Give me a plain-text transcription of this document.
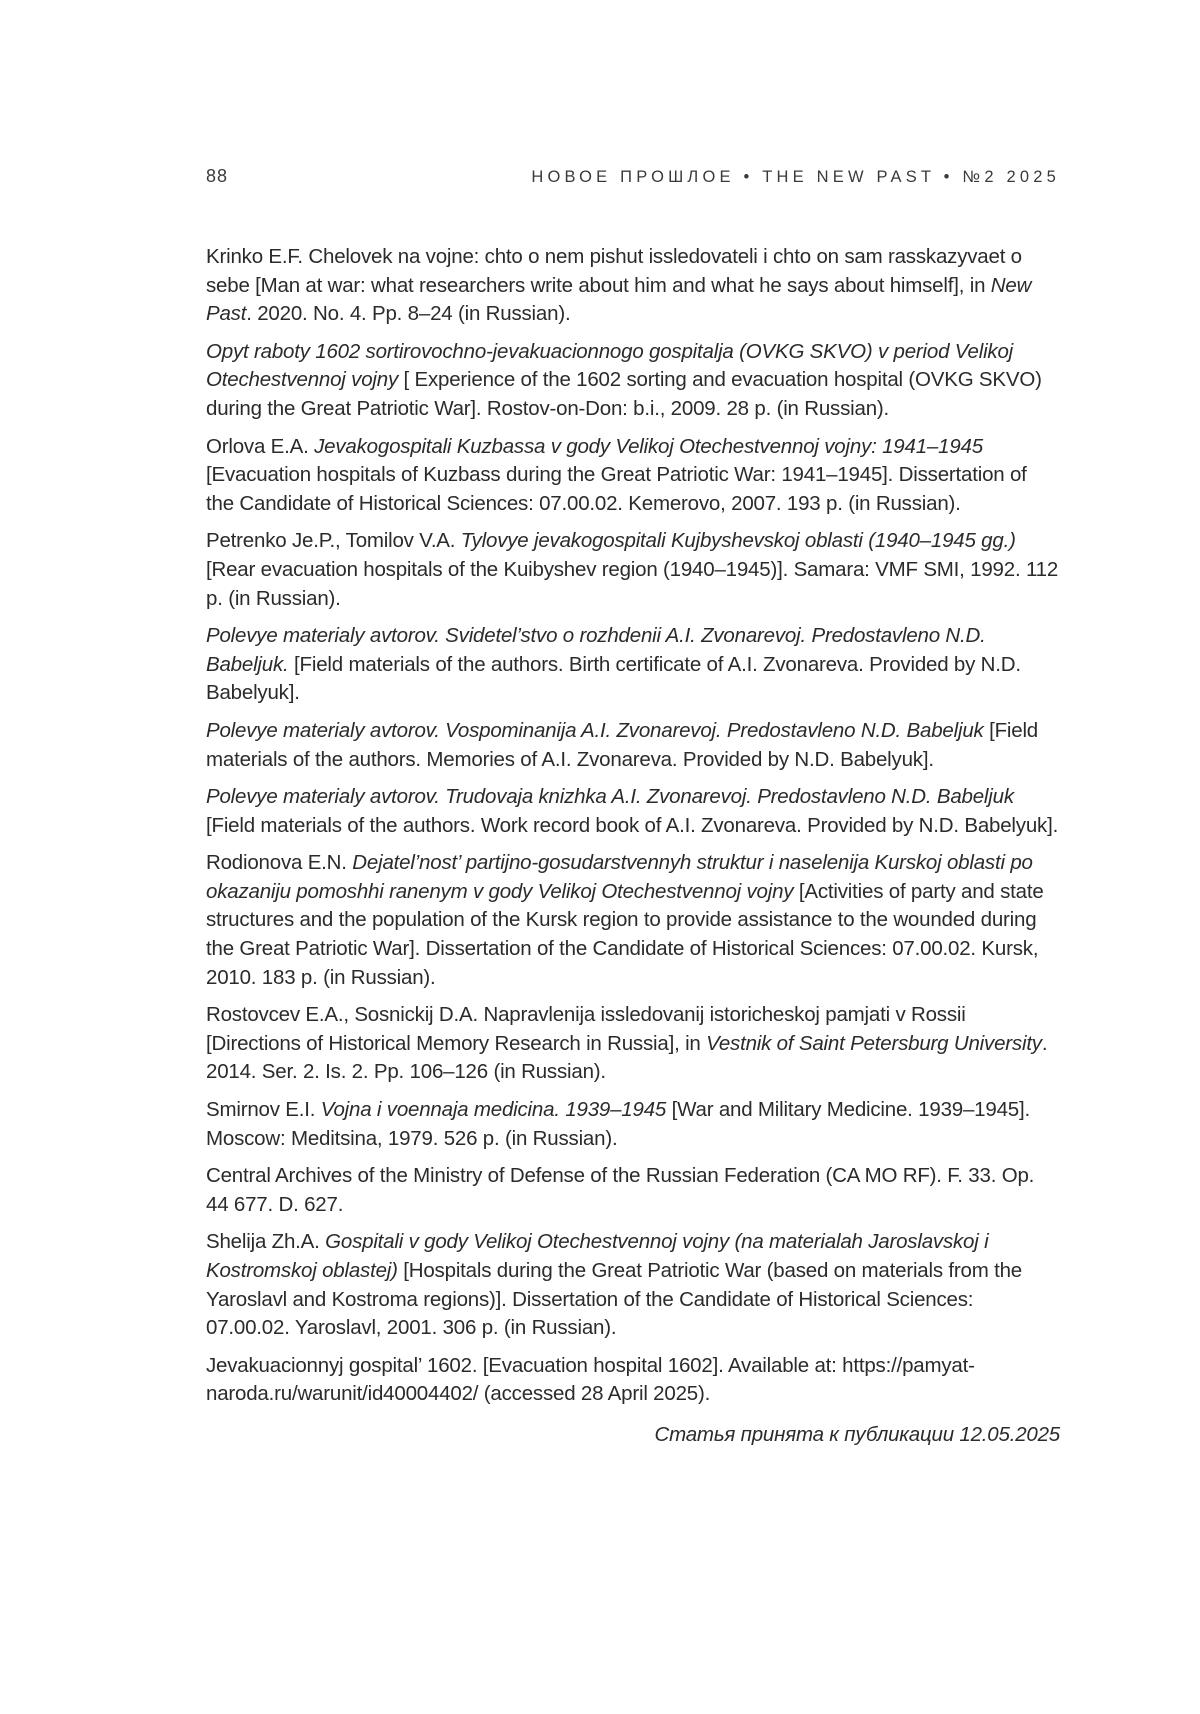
88	НОВОЕ ПРОШЛОЕ • THE NEW PAST • №2 2025

Krinko E.F. Chelovek na vojne: chto o nem pishut issledovateli i chto on sam rasskazyvaet o sebe [Man at war: what researchers write about him and what he says about himself], in New Past. 2020. No. 4. Pp. 8–24 (in Russian).

Opyt raboty 1602 sortirovochno-jevakuacionnogo gospitalja (OVKG SKVO) v period Velikoj Otechestvennoj vojny [ Experience of the 1602 sorting and evacuation hospital (OVKG SKVO) during the Great Patriotic War]. Rostov-on-Don: b.i., 2009. 28 p. (in Russian).

Orlova E.A. Jevakogospitali Kuzbassa v gody Velikoj Otechestvennoj vojny: 1941–1945 [Evacuation hospitals of Kuzbass during the Great Patriotic War: 1941–1945]. Dissertation of the Candidate of Historical Sciences: 07.00.02. Kemerovo, 2007. 193 p. (in Russian).

Petrenko Je.P., Tomilov V.A. Tylovye jevakogospitali Kujbyshevskoj oblasti (1940–1945 gg.) [Rear evacuation hospitals of the Kuibyshev region (1940–1945)]. Samara: VMF SMI, 1992. 112 p. (in Russian).

Polevye materialy avtorov. Svidetel’stvo o rozhdenii A.I. Zvonarevoj. Predostavleno N.D. Babeljuk. [Field materials of the authors. Birth certificate of A.I. Zvonareva. Provided by N.D. Babelyuk].

Polevye materialy avtorov. Vospominanija A.I. Zvonarevoj. Predostavleno N.D. Babeljuk [Field materials of the authors. Memories of A.I. Zvonareva. Provided by N.D. Babelyuk].

Polevye materialy avtorov. Trudovaja knizhka A.I. Zvonarevoj. Predostavleno N.D. Babeljuk [Field materials of the authors. Work record book of A.I. Zvonareva. Provided by N.D. Babelyuk].

Rodionova E.N. Dejatel’nost’ partijno-gosudarstvennyh struktur i naselenija Kurskoj oblasti po okazaniju pomoshhi ranenym v gody Velikoj Otechestvennoj vojny [Activities of party and state structures and the population of the Kursk region to provide assistance to the wounded during the Great Patriotic War]. Dissertation of the Candidate of Historical Sciences: 07.00.02. Kursk, 2010. 183 p. (in Russian).

Rostovcev E.A., Sosnickij D.A. Napravlenija issledovanij istoricheskoj pamjati v Rossii [Directions of Historical Memory Research in Russia], in Vestnik of Saint Petersburg University. 2014. Ser. 2. Is. 2. Pp. 106–126 (in Russian).

Smirnov E.I. Vojna i voennaja medicina. 1939–1945 [War and Military Medicine. 1939–1945]. Moscow: Meditsina, 1979. 526 p. (in Russian).

Central Archives of the Ministry of Defense of the Russian Federation (CA MO RF). F. 33. Op. 44 677. D. 627.

Shelija Zh.A. Gospitali v gody Velikoj Otechestvennoj vojny (na materialah Jaroslavskoj i Kostromskoj oblastej) [Hospitals during the Great Patriotic War (based on materials from the Yaroslavl and Kostroma regions)]. Dissertation of the Candidate of Historical Sciences: 07.00.02. Yaroslavl, 2001. 306 p. (in Russian).

Jevakuacionnyj gospital’ 1602. [Evacuation hospital 1602]. Available at: https://pamyat-naroda.ru/warunit/id40004402/ (accessed 28 April 2025).

Статья принята к публикации 12.05.2025
